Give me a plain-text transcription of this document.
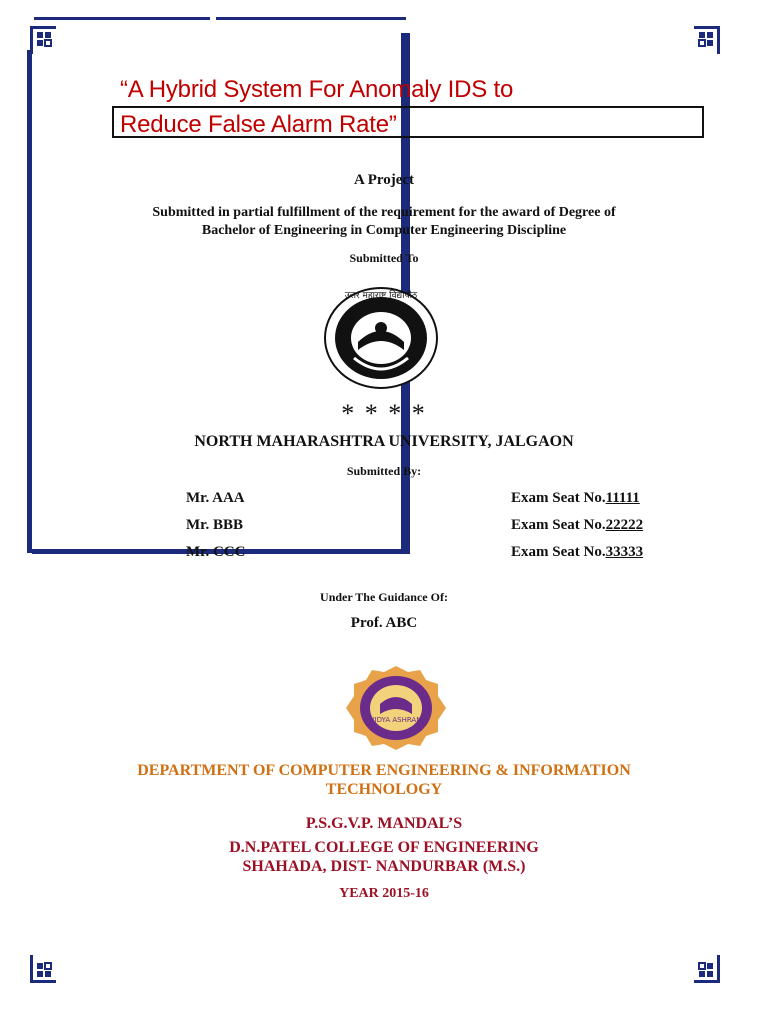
“A Hybrid System For Anomaly IDS to
Reduce False Alarm Rate”
A Project
Submitted in partial fulfillment of the requirement for the award of Degree of
Bachelor of Engineering in Computer Engineering Discipline
Submitted To
उत्तर महाराष्ट्र विद्यापीठ
* * * *
NORTH MAHARASHTRA UNIVERSITY, JALGAON
Submitted By:
Mr. AAA	Exam Seat No.11111
Mr. BBB	Exam Seat No.22222
Mr. CCC	Exam Seat No.33333
Under The Guidance Of:
Prof. ABC
VIDYA ASHRAM
DEPARTMENT OF COMPUTER ENGINEERING & INFORMATION
TECHNOLOGY
P.S.G.V.P. MANDAL’S
D.N.PATEL COLLEGE OF ENGINEERING
SHAHADA, DIST- NANDURBAR (M.S.)
YEAR 2015-16
